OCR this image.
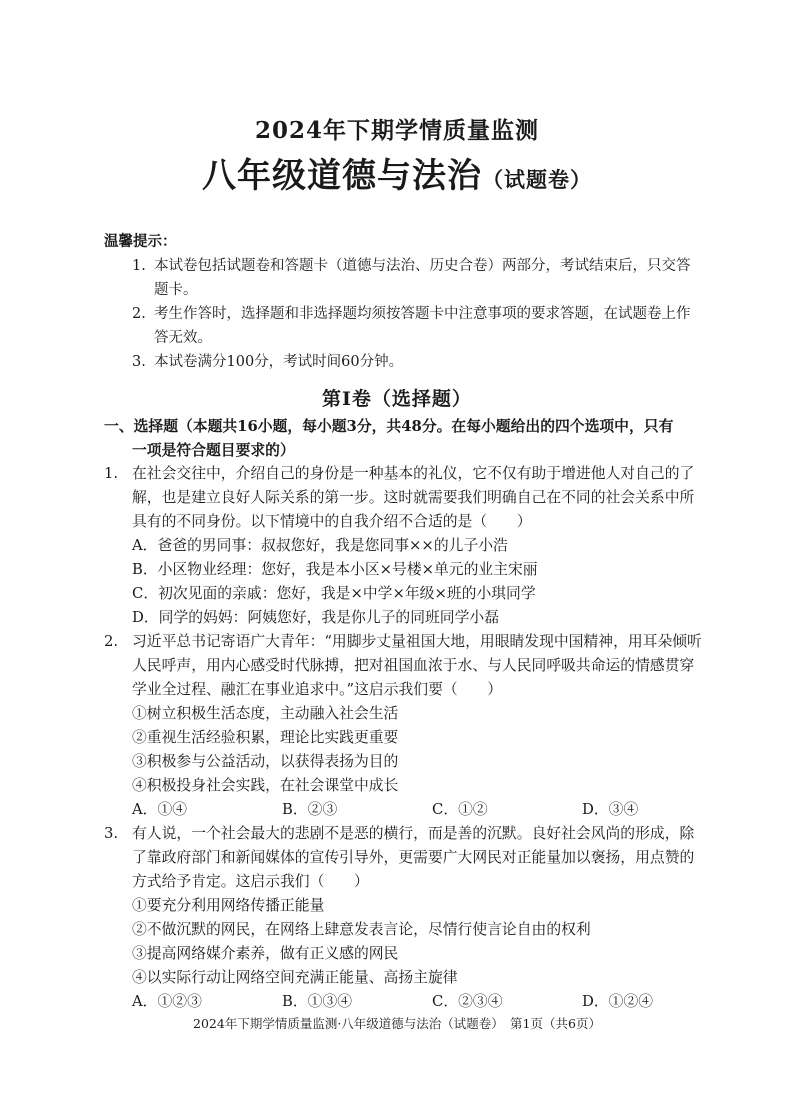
2024年下期学情质量监测
八年级道德与法治（试题卷）
温馨提示：
1. 本试卷包括试题卷和答题卡（道德与法治、历史合卷）两部分，考试结束后，只交答题卡。
2. 考生作答时，选择题和非选择题均须按答题卡中注意事项的要求答题，在试题卷上作答无效。
3. 本试卷满分100分，考试时间60分钟。
第Ⅰ卷（选择题）
一、选择题（本题共16小题，每小题3分，共48分。在每小题给出的四个选项中，只有
一项是符合题目要求的）
1. 在社会交往中，介绍自己的身份是一种基本的礼仪，它不仅有助于增进他人对自己的了解，也是建立良好人际关系的第一步。这时就需要我们明确自己在不同的社会关系中所具有的不同身份。以下情境中的自我介绍不合适的是（　　）
A．爸爸的男同事：叔叔您好，我是您同事××的儿子小浩
B．小区物业经理：您好，我是本小区×号楼×单元的业主宋丽
C．初次见面的亲戚：您好，我是×中学×年级×班的小琪同学
D．同学的妈妈：阿姨您好，我是你儿子的同班同学小磊
2. 习近平总书记寄语广大青年：“用脚步丈量祖国大地，用眼睛发现中国精神，用耳朵倾听人民呼声，用内心感受时代脉搏，把对祖国血浓于水、与人民同呼吸共命运的情感贯穿学业全过程、融汇在事业追求中。”这启示我们要（　　）
①树立积极生活态度，主动融入社会生活
②重视生活经验积累，理论比实践更重要
③积极参与公益活动，以获得表扬为目的
④积极投身社会实践，在社会课堂中成长
A．①④	B．②③	C．①②	D．③④
3. 有人说，一个社会最大的悲剧不是恶的横行，而是善的沉默。良好社会风尚的形成，除了靠政府部门和新闻媒体的宣传引导外，更需要广大网民对正能量加以褒扬，用点赞的方式给予肯定。这启示我们（　　）
①要充分利用网络传播正能量
②不做沉默的网民，在网络上肆意发表言论，尽情行使言论自由的权利
③提高网络媒介素养，做有正义感的网民
④以实际行动让网络空间充满正能量、高扬主旋律
A．①②③	B．①③④	C．②③④	D．①②④
2024年下期学情质量监测·八年级道德与法治（试题卷）　第1页（共6页）
